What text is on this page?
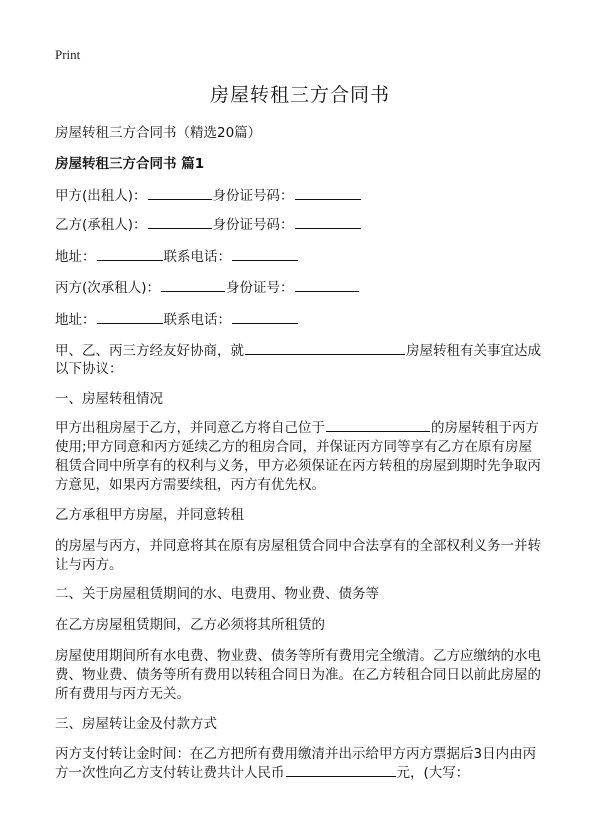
Print
房屋转租三方合同书
房屋转租三方合同书（精选20篇）
房屋转租三方合同书 篇1
甲方(出租人)：	身份证号码：
乙方(承租人)：	身份证号码：
地址：	联系电话：
丙方(次承租人)：	身份证号：
地址：	联系电话：
甲、乙、丙三方经友好协商，就	房屋转租有关事宜达成
以下协议：
一、房屋转租情况
甲方出租房屋于乙方，并同意乙方将自己位于	的房屋转租于丙方
使用;甲方同意和丙方延续乙方的租房合同，并保证丙方同等享有乙方在原有房屋
租赁合同中所享有的权利与义务，甲方必须保证在丙方转租的房屋到期时先争取丙
方意见，如果丙方需要续租，丙方有优先权。
乙方承租甲方房屋，并同意转租
的房屋与丙方，并同意将其在原有房屋租赁合同中合法享有的全部权利义务一并转
让与丙方。
二、关于房屋租赁期间的水、电费用、物业费、债务等
在乙方房屋租赁期间，乙方必须将其所租赁的
房屋使用期间所有水电费、物业费、债务等所有费用完全缴清。乙方应缴纳的水电
费、物业费、债务等所有费用以转租合同日为准。在乙方转租合同日以前此房屋的
所有费用与丙方无关。
三、房屋转让金及付款方式
丙方支付转让金时间：在乙方把所有费用缴清并出示给甲方丙方票据后3日内由丙
方一次性向乙方支付转让费共计人民币	元，(大写：
